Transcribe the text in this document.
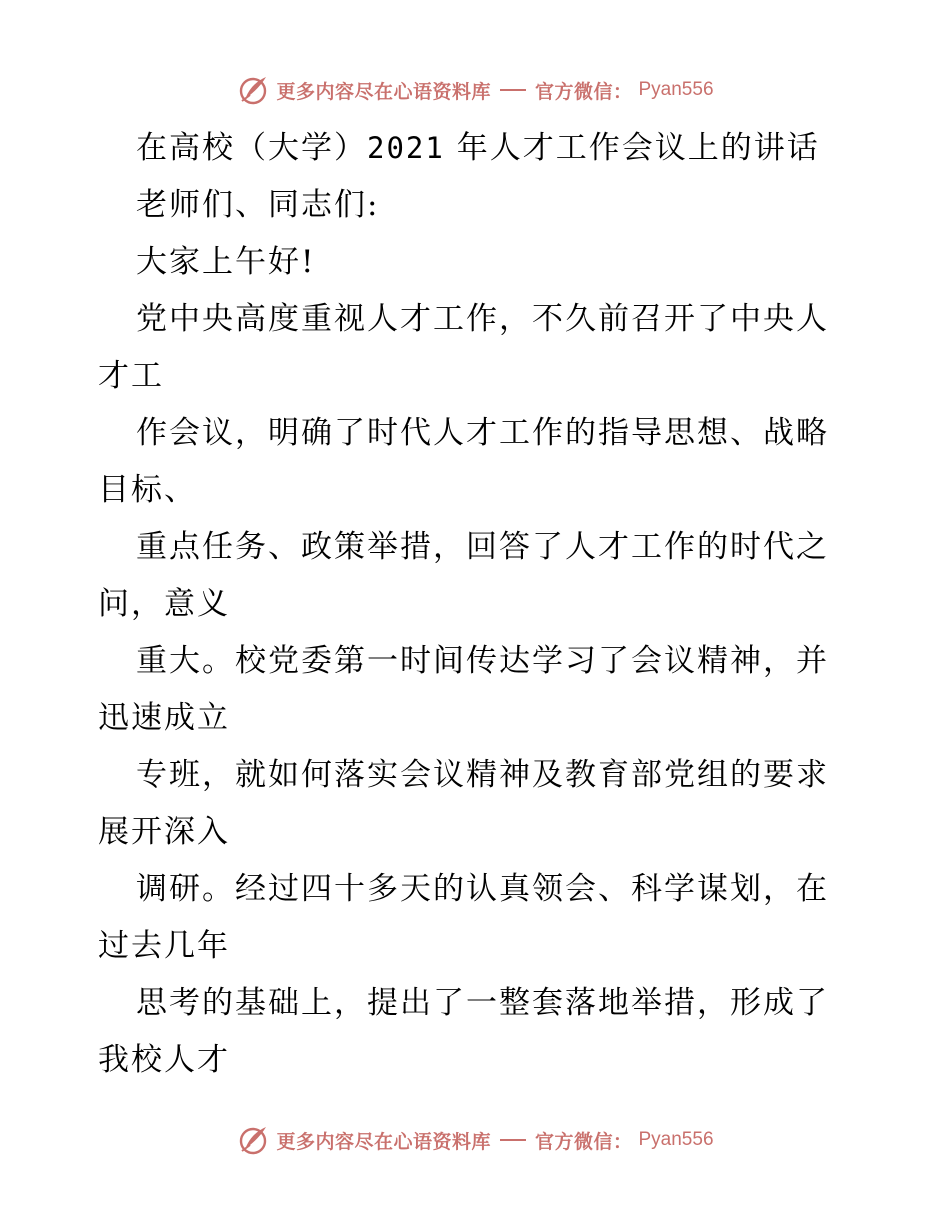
更多内容尽在心语资料库 官方微信： Pyan556
在高校（大学）2021 年人才工作会议上的讲话
老师们、同志们:
大家上午好!
党中央高度重视人才工作，不久前召开了中央人
才工
作会议，明确了时代人才工作的指导思想、战略
目标、
重点任务、政策举措，回答了人才工作的时代之
问，意义
重大。校党委第一时间传达学习了会议精神，并
迅速成立
专班，就如何落实会议精神及教育部党组的要求
展开深入
调研。经过四十多天的认真领会、科学谋划，在
过去几年
思考的基础上，提出了一整套落地举措，形成了
我校人才
更多内容尽在心语资料库 官方微信： Pyan556
